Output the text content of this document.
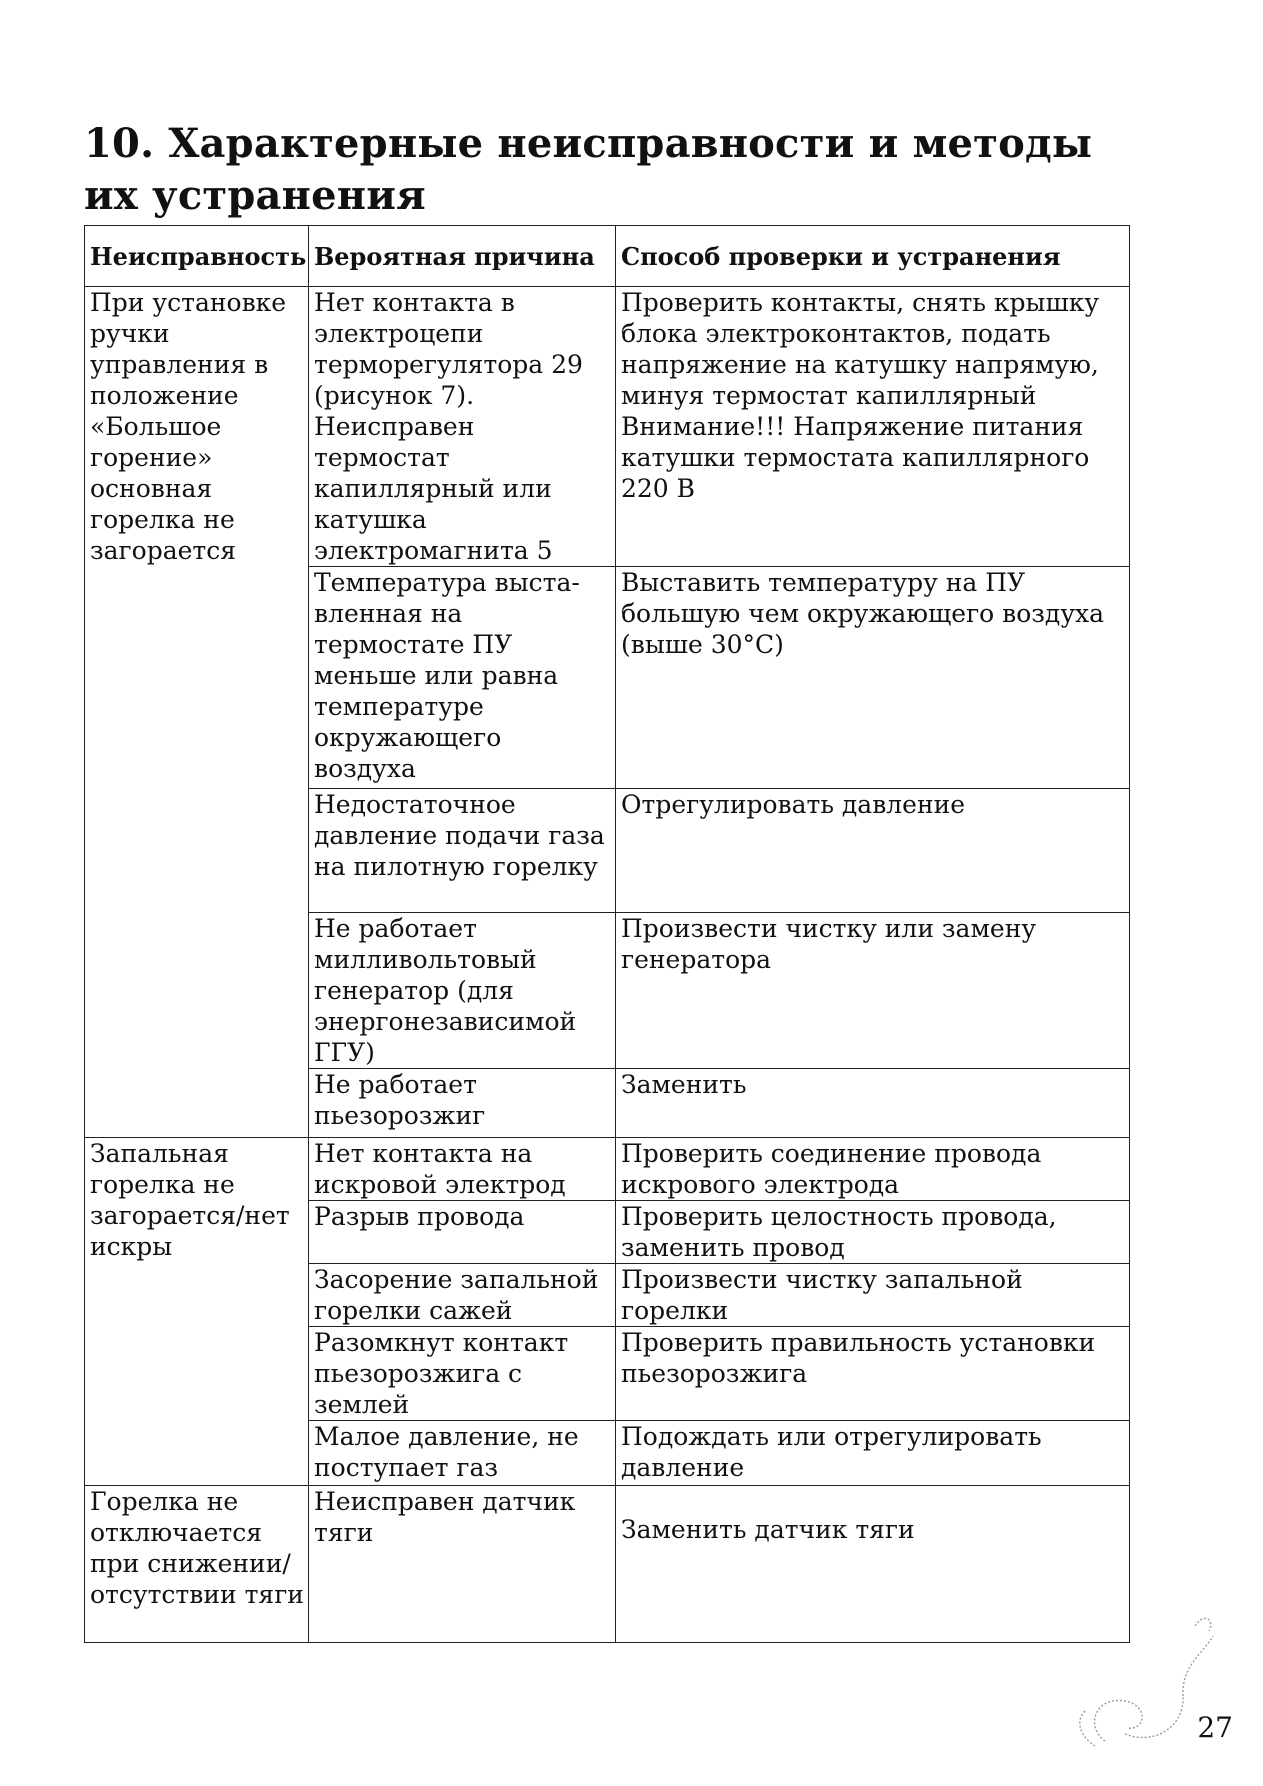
10. Характерные неисправности и методы их устранения
Неисправность	Вероятная причина	Способ проверки и устранения
При установке ручки управления в положение «Большое горение» основная горелка не загорается	Нет контакта в электроцепи терморегулятора 29 (рисунок 7). Неисправен термостат капиллярный или катушка электромагнита 5	Проверить контакты, снять крышку блока электроконтактов, подать напряжение на катушку напрямую, минуя термостат капиллярный Внимание!!! Напряжение питания катушки термостата капиллярного 220 В
	Температура выста-вленная на термостате ПУ меньше или равна температуре окружающего воздуха	Выставить температуру на ПУ большую чем окружающего воздуха (выше 30°С)
	Недостаточное давление подачи газа на пилотную горелку	Отрегулировать давление
	Не работает милливольтовый генератор (для энергонезависимой ГГУ)	Произвести чистку или замену генератора
	Не работает пьезорозжиг	Заменить
Запальная горелка не загорается/нет искры	Нет контакта на искровой электрод	Проверить соединение провода искрового электрода
	Разрыв провода	Проверить целостность провода, заменить провод
	Засорение запальной горелки сажей	Произвести чистку запальной горелки
	Разомкнут контакт пьезорозжига с землей	Проверить правильность установки пьезорозжига
	Малое давление, не поступает газ	Подождать или отрегулировать давление
Горелка не отключается при снижении/отсутствии тяги	Неисправен датчик тяги	Заменить датчик тяги
27
